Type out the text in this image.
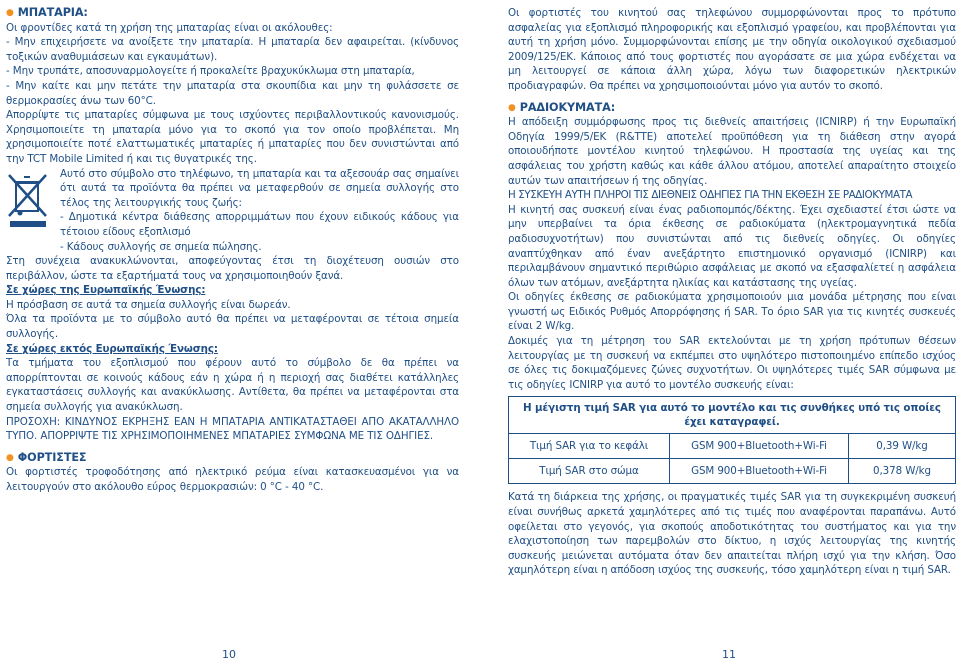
● ΜΠΑΤΑΡΙΑ:

Οι φροντίδες κατά τη χρήση της μπαταρίας είναι οι ακόλουθες:

- Μην επιχειρήσετε να ανοίξετε την μπαταρία. Η μπαταρία δεν αφαιρείται. (κίνδυνος τοξικών αναθυμιάσεων και εγκαυμάτων).

- Μην τρυπάτε, αποσυναρμολογείτε ή προκαλείτε βραχυκύκλωμα στη μπαταρία,

- Μην καίτε και μην πετάτε την μπαταρία στα σκουπίδια και μην τη φυλάσσετε σε θερμοκρασίες άνω των 60°C.

Απορρίψτε τις μπαταρίες σύμφωνα με τους ισχύοντες περιβαλλοντικούς κανονισμούς. Χρησιμοποιείτε τη μπαταρία μόνο για το σκοπό για τον οποίο προβλέπεται. Μη χρησιμοποιείτε ποτέ ελαττωματικές μπαταρίες ή μπαταρίες που δεν συνιστώνται από την TCT Mobile Limited ή και τις θυγατρικές της.

Αυτό στο σύμβολο στο τηλέφωνο, τη μπαταρία και τα αξεσουάρ σας σημαίνει ότι αυτά τα προϊόντα θα πρέπει να μεταφερθούν σε σημεία συλλογής στο τέλος της λειτουργικής τους ζωής:

- Δημοτικά κέντρα διάθεσης απορριμμάτων που έχουν ειδικούς κάδους για τέτοιου είδους εξοπλισμό

- Κάδους συλλογής σε σημεία πώλησης.

Στη συνέχεια ανακυκλώνονται, αποφεύγοντας έτσι τη διοχέτευση ουσιών στο περιβάλλον, ώστε τα εξαρτήματά τους να χρησιμοποιηθούν ξανά.

Σε χώρες της Ευρωπαϊκής Ένωσης:

Η πρόσβαση σε αυτά τα σημεία συλλογής είναι δωρεάν.

Όλα τα προϊόντα με το σύμβολο αυτό θα πρέπει να μεταφέρονται σε τέτοια σημεία συλλογής.

Σε χώρες εκτός Ευρωπαϊκής Ένωσης:

Τα τμήματα του εξοπλισμού που φέρουν αυτό το σύμβολο δε θα πρέπει να απορρίπτονται σε κοινούς κάδους εάν η χώρα ή η περιοχή σας διαθέτει κατάλληλες εγκαταστάσεις συλλογής και ανακύκλωσης. Αντίθετα, θα πρέπει να μεταφέρονται στα σημεία συλλογής για ανακύκλωση.

ΠΡΟΣΟΧΗ: ΚΙΝΔΥΝΟΣ ΕΚΡΗΞΗΣ ΕΑΝ Η ΜΠΑΤΑΡΙΑ ΑΝΤΙΚΑΤΑΣΤΑΘΕΙ ΑΠΟ ΑΚΑΤΑΛΛΗΛΟ ΤΥΠΟ. ΑΠΟΡΡΙΨΤΕ ΤΙΣ ΧΡΗΣΙΜΟΠΟΙΗΜΕΝΕΣ ΜΠΑΤΑΡΙΕΣ ΣΥΜΦΩΝΑ ΜΕ ΤΙΣ ΟΔΗΓΙΕΣ.

● ΦΟΡΤΙΣΤΕΣ

Οι φορτιστές τροφοδότησης από ηλεκτρικό ρεύμα είναι κατασκευασμένοι για να λειτουργούν στο ακόλουθο εύρος θερμοκρασιών: 0 °C - 40 °C.

Οι φορτιστές του κινητού σας τηλεφώνου συμμορφώνονται προς το πρότυπο ασφαλείας για εξοπλισμό πληροφορικής και εξοπλισμό γραφείου, και προβλέπονται για αυτή τη χρήση μόνο. Συμμορφώνονται επίσης με την οδηγία οικολογικού σχεδιασμού 2009/125/ΕΚ. Κάποιος από τους φορτιστές που αγοράσατε σε μια χώρα ενδέχεται να μη λειτουργεί σε κάποια άλλη χώρα, λόγω των διαφορετικών ηλεκτρικών προδιαγραφών. Θα πρέπει να χρησιμοποιούνται μόνο για αυτόν το σκοπό.

● ΡΑΔΙΟΚΥΜΑΤΑ:

Η απόδειξη συμμόρφωσης προς τις διεθνείς απαιτήσεις (ICNIRP) ή την Ευρωπαϊκή Οδηγία 1999/5/ΕΚ (R&TTE) αποτελεί προϋπόθεση για τη διάθεση στην αγορά οποιουδήποτε μοντέλου κινητού τηλεφώνου. Η προστασία της υγείας και της ασφάλειας του χρήστη καθώς και κάθε άλλου ατόμου, αποτελεί απαραίτητο στοιχείο αυτών των απαιτήσεων ή της οδηγίας.

Η ΣΥΣΚΕΥΗ ΑΥΤΗ ΠΛΗΡΟΙ ΤΙΣ ΔΙΕΘΝΕΙΣ ΟΔΗΓΙΕΣ ΓΙΑ ΤΗΝ ΕΚΘΕΣΗ ΣΕ ΡΑΔΙΟΚΥΜΑΤΑ

Η κινητή σας συσκευή είναι ένας ραδιοπομπός/δέκτης. Έχει σχεδιαστεί έτσι ώστε να μην υπερβαίνει τα όρια έκθεσης σε ραδιοκύματα (ηλεκτρομαγνητικά πεδία ραδιοσυχνοτήτων) που συνιστώνται από τις διεθνείς οδηγίες. Οι οδηγίες αναπτύχθηκαν από έναν ανεξάρτητο επιστημονικό οργανισμό (ICNIRP) και περιλαμβάνουν σημαντικό περιθώριο ασφάλειας με σκοπό να εξασφαλίετεί η ασφάλεια όλων των ατόμων, ανεξάρτητα ηλικίας και κατάστασης της υγείας.

Οι οδηγίες έκθεσης σε ραδιοκύματα χρησιμοποιούν μια μονάδα μέτρησης που είναι γνωστή ως Ειδικός Ρυθμός Απορρόφησης ή SAR. Το όριο SAR για τις κινητές συσκευές είναι 2 W/kg.

Δοκιμές για τη μέτρηση του SAR εκτελούνται με τη χρήση πρότυπων θέσεων λειτουργίας με τη συσκευή να εκπέμπει στο υψηλότερο πιστοποιημένο επίπεδο ισχύος σε όλες τις δοκιμαζόμενες ζώνες συχνοτήτων. Οι υψηλότερες τιμές SAR σύμφωνα με τις οδηγίες ICNIRP για αυτό το μοντέλο συσκευής είναι:

Η μέγιστη τιμή SAR για αυτό το μοντέλο και τις συνθήκες υπό τις οποίες έχει καταγραφεί.		
Τιμή SAR για το κεφάλι	GSM 900+Bluetooth+Wi-Fi	0,39 W/kg
Τιμή SAR στο σώμα	GSM 900+Bluetooth+Wi-Fi	0,378 W/kg

Κατά τη διάρκεια της χρήσης, οι πραγματικές τιμές SAR για τη συγκεκριμένη συσκευή είναι συνήθως αρκετά χαμηλότερες από τις τιμές που αναφέρονται παραπάνω. Αυτό οφείλεται στο γεγονός, για σκοπούς αποδοτικότητας του συστήματος και για την ελαχιστοποίηση των παρεμβολών στο δίκτυο, η ισχύς λειτουργίας της κινητής συσκευής μειώνεται αυτόματα όταν δεν απαιτείται πλήρη ισχύ για την κλήση. Όσο χαμηλότερη είναι η απόδοση ισχύος της συσκευής, τόσο χαμηλότερη είναι η τιμή SAR.

10	11
